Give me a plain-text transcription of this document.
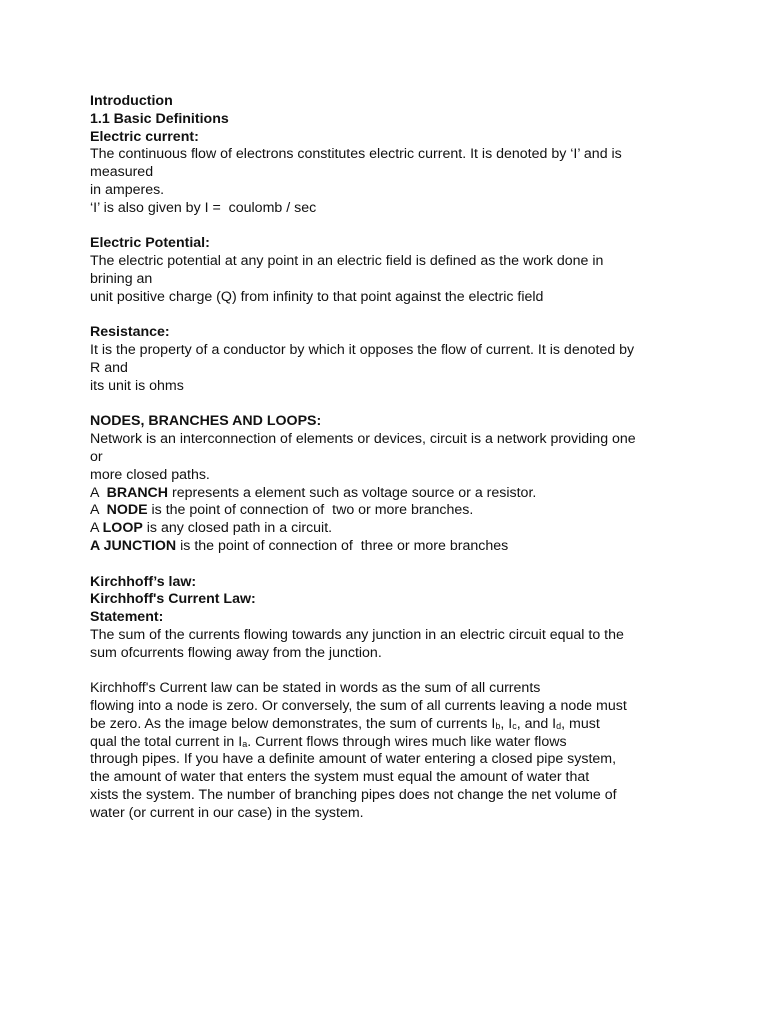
Introduction
1.1 Basic Definitions
Electric current:
The continuous flow of electrons constitutes electric current. It is denoted by ‘I’ and is
measured
in amperes.
‘I’ is also given by I =  coulomb / sec
Electric Potential:
The electric potential at any point in an electric field is defined as the work done in
brining an
unit positive charge (Q) from infinity to that point against the electric field
Resistance:
It is the property of a conductor by which it opposes the flow of current. It is denoted by
R and
its unit is ohms
NODES, BRANCHES AND LOOPS:
Network is an interconnection of elements or devices, circuit is a network providing one
or
more closed paths.
A  BRANCH represents a element such as voltage source or a resistor.
A  NODE is the point of connection of  two or more branches.
A LOOP is any closed path in a circuit.
A JUNCTION is the point of connection of  three or more branches
Kirchhoff’s law:
Kirchhoff's Current Law:
Statement:
The sum of the currents flowing towards any junction in an electric circuit equal to the
sum ofcurrents flowing away from the junction.
Kirchhoff's Current law can be stated in words as the sum of all currents
flowing into a node is zero. Or conversely, the sum of all currents leaving a node must
be zero. As the image below demonstrates, the sum of currents $I_b$, $I_c$, and $I_d$, must
qual the total current in $I_a$. Current flows through wires much like water flows
through pipes. If you have a definite amount of water entering a closed pipe system,
the amount of water that enters the system must equal the amount of water that
xists the system. The number of branching pipes does not change the net volume of
water (or current in our case) in the system.
